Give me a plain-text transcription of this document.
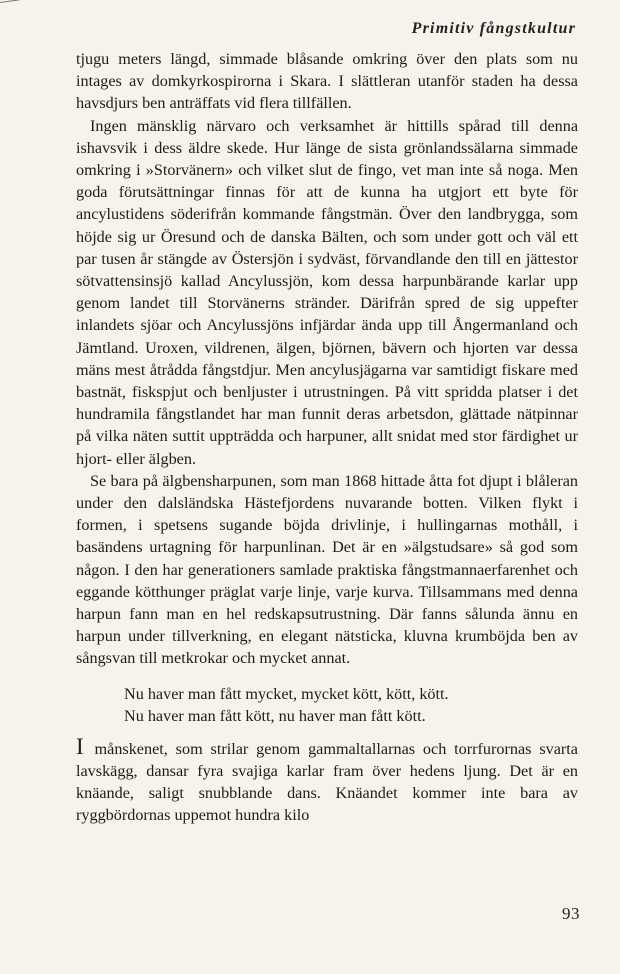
Primitiv fångstkultur

tjugu meters längd, simmade blåsande omkring över den plats som nu intages av domkyrkospirorna i Skara. I slättleran utanför staden ha dessa havsdjurs ben anträffats vid flera tillfällen.

Ingen mänsklig närvaro och verksamhet är hittills spårad till denna ishavsvik i dess äldre skede. Hur länge de sista grönlandssälarna simmade omkring i »Storvänern» och vilket slut de fingo, vet man inte så noga. Men goda förutsättningar finnas för att de kunna ha utgjort ett byte för ancylustidens söderifrån kommande fångstmän. Över den landbrygga, som höjde sig ur Öresund och de danska Bälten, och som under gott och väl ett par tusen år stängde av Östersjön i sydväst, förvandlande den till en jättestor sötvattensinsjö kallad Ancylussjön, kom dessa harpunbärande karlar upp genom landet till Storvänerns stränder. Därifrån spred de sig uppefter inlandets sjöar och Ancylussjöns infjärdar ända upp till Ångermanland och Jämtland. Uroxen, vildrenen, älgen, björnen, bävern och hjorten var dessa mäns mest åtrådda fångstdjur. Men ancylusjägarna var samtidigt fiskare med bastnät, fiskspjut och benljuster i utrustningen. På vitt spridda platser i det hundramila fångstlandet har man funnit deras arbetsdon, glättade nätpinnar på vilka näten suttit uppträdda och harpuner, allt snidat med stor färdighet ur hjort- eller älgben.

Se bara på älgbensharpunen, som man 1868 hittade åtta fot djupt i blåleran under den dalsländska Hästefjordens nuvarande botten. Vilken flykt i formen, i spetsens sugande böjda drivlinje, i hullingarnas mothåll, i basändens urtagning för harpunlinan. Det är en »älgstudsare» så god som någon. I den har generationers samlade praktiska fångstmannaerfarenhet och eggande kötthunger präglat varje linje, varje kurva. Tillsammans med denna harpun fann man en hel redskapsutrustning. Där fanns sålunda ännu en harpun under tillverkning, en elegant nätsticka, kluvna krumböjda ben av sångsvan till metkrokar och mycket annat.

Nu haver man fått mycket, mycket kött, kött, kött.
Nu haver man fått kött, nu haver man fått kött.

I månskenet, som strilar genom gammaltallarnas och torrfurornas svarta lavskägg, dansar fyra svajiga karlar fram över hedens ljung. Det är en knäande, saligt snubblande dans. Knäandet kommer inte bara av ryggbördornas uppemot hundra kilo

93
